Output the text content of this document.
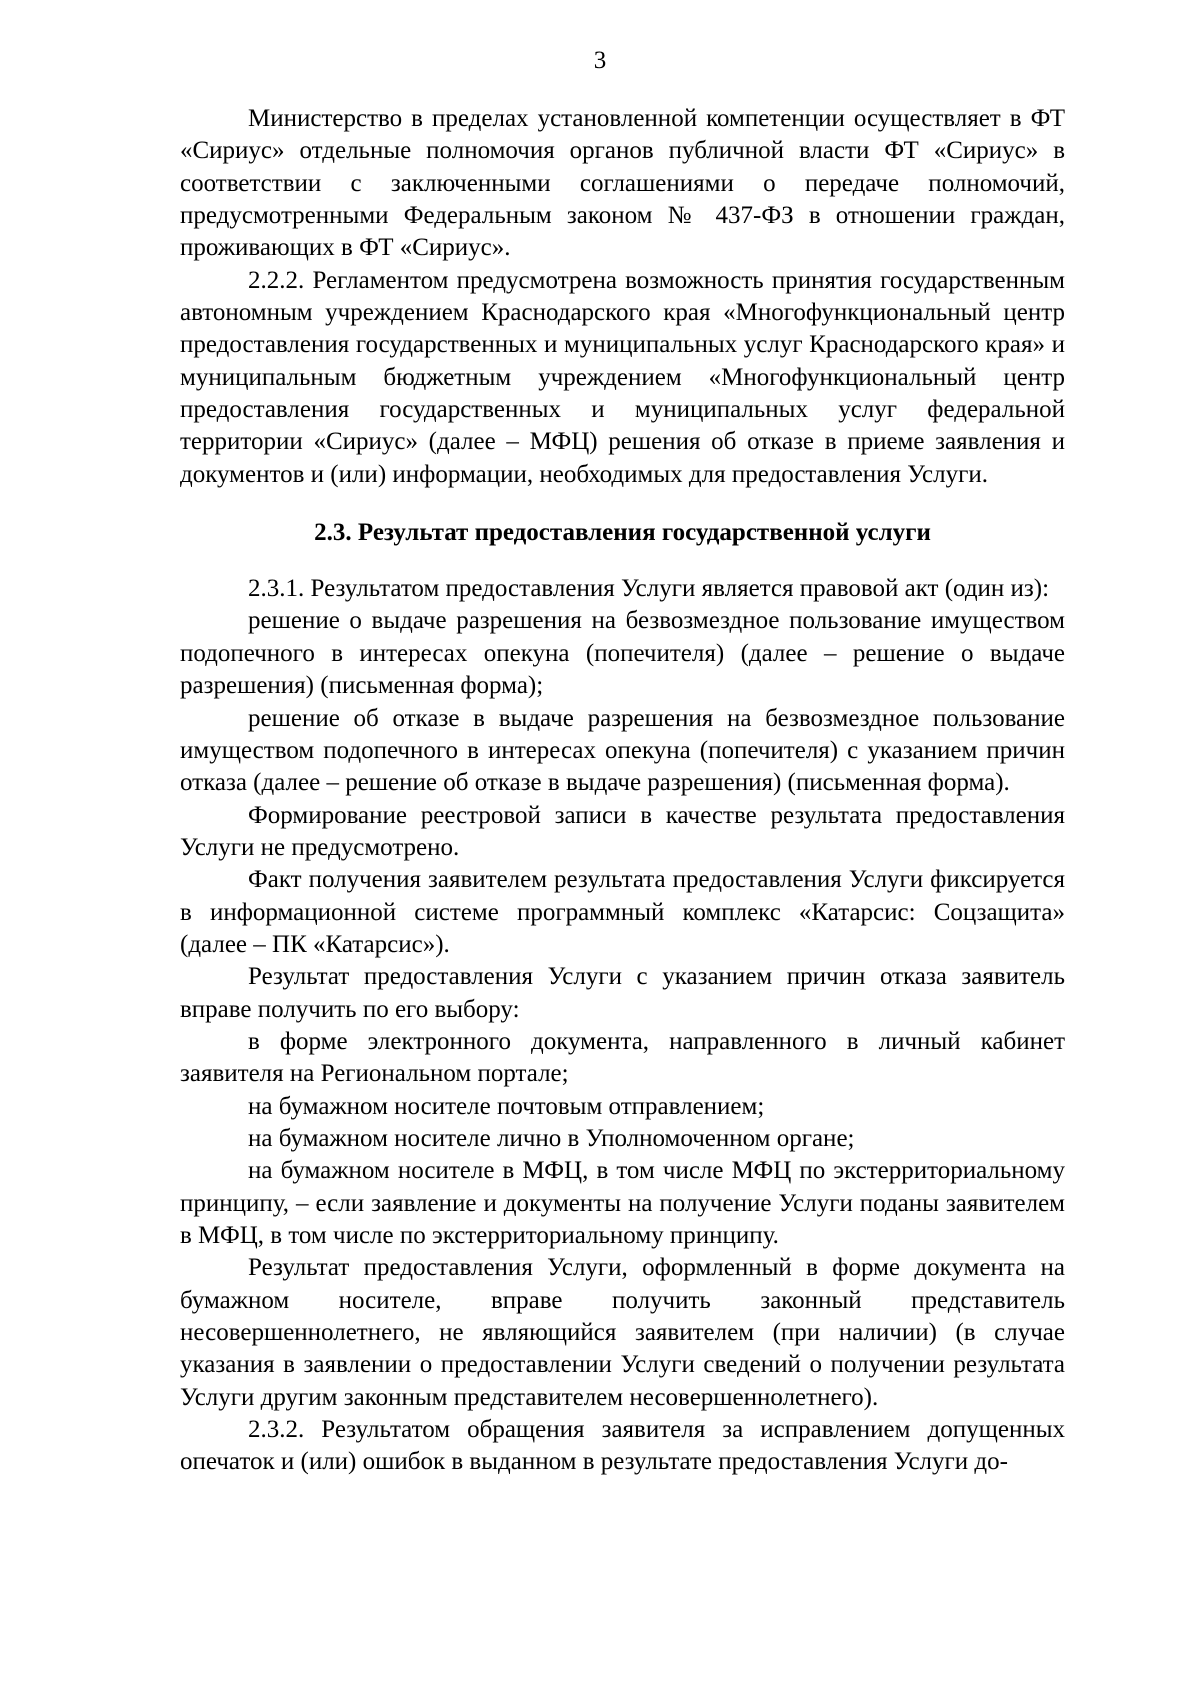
3

Министерство в пределах установленной компетенции осуществляет в ФТ «Сириус» отдельные полномочия органов публичной власти ФТ «Сириус» в соответствии с заключенными соглашениями о передаче полномочий, предусмотренными Федеральным законом № 437-ФЗ в отношении граждан, проживающих в ФТ «Сириус».

2.2.2. Регламентом предусмотрена возможность принятия государственным автономным учреждением Краснодарского края «Многофункциональный центр предоставления государственных и муниципальных услуг Краснодарского края» и муниципальным бюджетным учреждением «Многофункциональный центр предоставления государственных и муниципальных услуг федеральной территории «Сириус» (далее – МФЦ) решения об отказе в приеме заявления и документов и (или) информации, необходимых для предоставления Услуги.

2.3. Результат предоставления государственной услуги

2.3.1. Результатом предоставления Услуги является правовой акт (один из):

решение о выдаче разрешения на безвозмездное пользование имуществом подопечного в интересах опекуна (попечителя) (далее – решение о выдаче разрешения) (письменная форма);

решение об отказе в выдаче разрешения на безвозмездное пользование имуществом подопечного в интересах опекуна (попечителя) с указанием причин отказа (далее – решение об отказе в выдаче разрешения) (письменная форма).

Формирование реестровой записи в качестве результата предоставления Услуги не предусмотрено.

Факт получения заявителем результата предоставления Услуги фиксируется в информационной системе программный комплекс «Катарсис: Соцзащита» (далее – ПК «Катарсис»).

Результат предоставления Услуги с указанием причин отказа заявитель вправе получить по его выбору:

в форме электронного документа, направленного в личный кабинет заявителя на Региональном портале;

на бумажном носителе почтовым отправлением;

на бумажном носителе лично в Уполномоченном органе;

на бумажном носителе в МФЦ, в том числе МФЦ по экстерриториальному принципу, – если заявление и документы на получение Услуги поданы заявителем в МФЦ, в том числе по экстерриториальному принципу.

Результат предоставления Услуги, оформленный в форме документа на бумажном носителе, вправе получить законный представитель несовершеннолетнего, не являющийся заявителем (при наличии) (в случае указания в заявлении о предоставлении Услуги сведений о получении результата Услуги другим законным представителем несовершеннолетнего).

2.3.2. Результатом обращения заявителя за исправлением допущенных опечаток и (или) ошибок в выданном в результате предоставления Услуги до-
